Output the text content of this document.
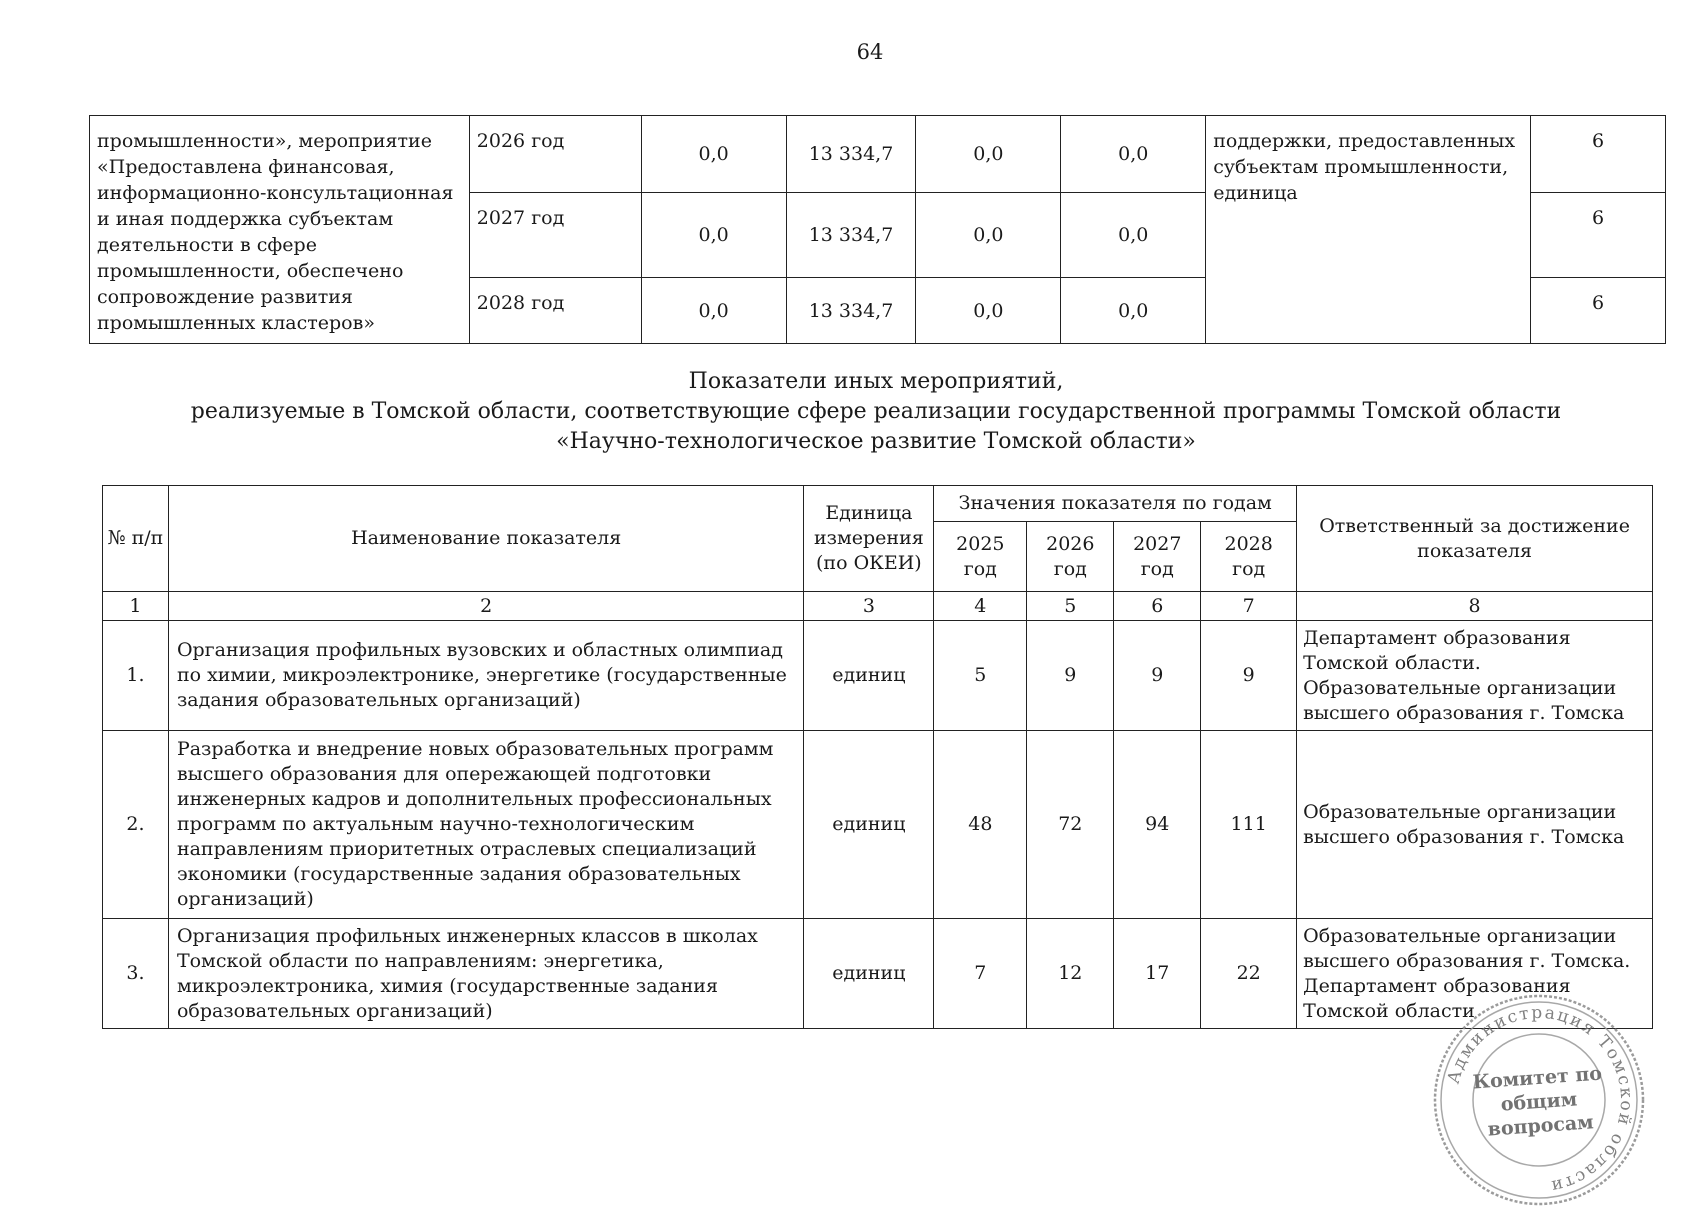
64
промышленности», мероприятие «Предоставлена финансовая, информационно-консультационная и иная поддержка субъектам деятельности в сфере промышленности, обеспечено сопровождение развития промышленных кластеров»	2026 год	0,0	13 334,7	0,0	0,0	поддержки, предоставленных субъектам промышленности, единица	6
	2027 год	0,0	13 334,7	0,0	0,0		6
	2028 год	0,0	13 334,7	0,0	0,0		6
Показатели иных мероприятий,
реализуемые в Томской области, соответствующие сфере реализации государственной программы Томской области
«Научно-технологическое развитие Томской области»
№ п/п	Наименование показателя	Единица измерения (по ОКЕИ)	Значения показателя по годам				Ответственный за достижение показателя
			2025 год	2026 год	2027 год	2028 год	
1	2	3	4	5	6	7	8
1.	Организация профильных вузовских и областных олимпиад по химии, микроэлектронике, энергетике (государственные задания образовательных организаций)	единиц	5	9	9	9	Департамент образования Томской области. Образовательные организации высшего образования г. Томска
2.	Разработка и внедрение новых образовательных программ высшего образования для опережающей подготовки инженерных кадров и дополнительных профессиональных программ по актуальным научно-технологическим направлениям приоритетных отраслевых специализаций экономики (государственные задания образовательных организаций)	единиц	48	72	94	111	Образовательные организации высшего образования г. Томска
3.	Организация профильных инженерных классов в школах Томской области по направлениям: энергетика, микроэлектроника, химия (государственные задания образовательных организаций)	единиц	7	12	17	22	Образовательные организации высшего образования г. Томска. Департамент образования Томской области
Администрация Томской области
Комитет по общим вопросам
